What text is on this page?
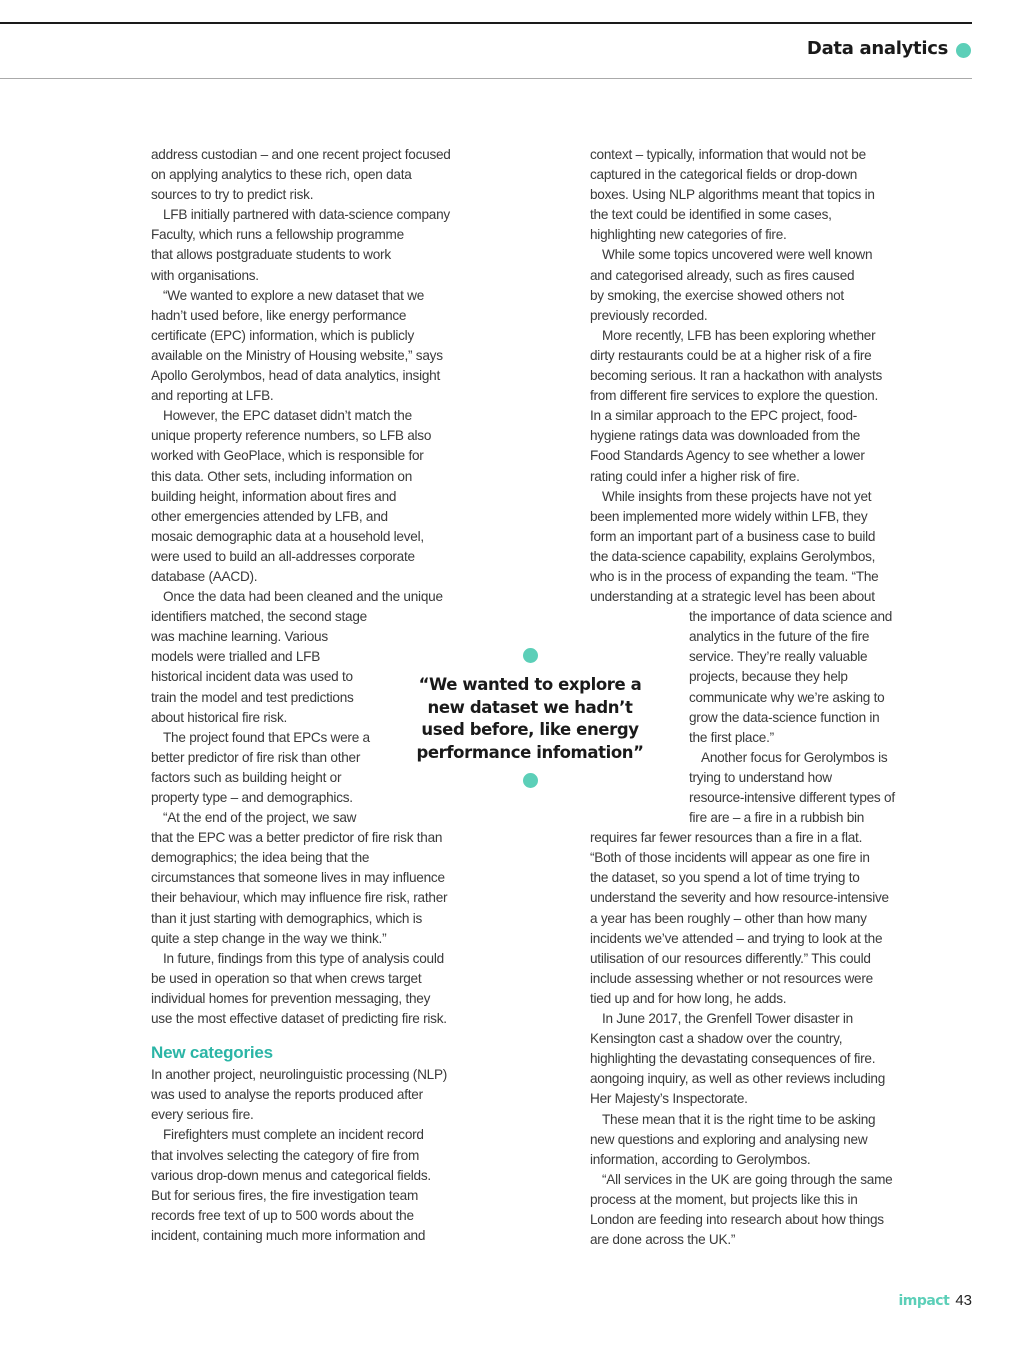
Data analytics
address custodian – and one recent project focused
on applying analytics to these rich, open data
sources to try to predict risk.
LFB initially partnered with data-science company
Faculty, which runs a fellowship programme
that allows postgraduate students to work
with organisations.
“We wanted to explore a new dataset that we
hadn’t used before, like energy performance
certificate (EPC) information, which is publicly
available on the Ministry of Housing website,” says
Apollo Gerolymbos, head of data analytics, insight
and reporting at LFB.
However, the EPC dataset didn’t match the
unique property reference numbers, so LFB also
worked with GeoPlace, which is responsible for
this data. Other sets, including information on
building height, information about fires and
other emergencies attended by LFB, and
mosaic demographic data at a household level,
were used to build an all-addresses corporate
database (AACD).
Once the data had been cleaned and the unique
identifiers matched, the second stage
was machine learning. Various
models were trialled and LFB
historical incident data was used to
train the model and test predictions
about historical fire risk.
The project found that EPCs were a
better predictor of fire risk than other
factors such as building height or
property type – and demographics.
“At the end of the project, we saw
that the EPC was a better predictor of fire risk than
demographics; the idea being that the
circumstances that someone lives in may influence
their behaviour, which may influence fire risk, rather
than it just starting with demographics, which is
quite a step change in the way we think.”
In future, findings from this type of analysis could
be used in operation so that when crews target
individual homes for prevention messaging, they
use the most effective dataset of predicting fire risk.
New categories
In another project, neurolinguistic processing (NLP)
was used to analyse the reports produced after
every serious fire.
Firefighters must complete an incident record
that involves selecting the category of fire from
various drop-down menus and categorical fields.
But for serious fires, the fire investigation team
records free text of up to 500 words about the
incident, containing much more information and
context – typically, information that would not be
captured in the categorical fields or drop-down
boxes. Using NLP algorithms meant that topics in
the text could be identified in some cases,
highlighting new categories of fire.
While some topics uncovered were well known
and categorised already, such as fires caused
by smoking, the exercise showed others not
previously recorded.
More recently, LFB has been exploring whether
dirty restaurants could be at a higher risk of a fire
becoming serious. It ran a hackathon with analysts
from different fire services to explore the question.
In a similar approach to the EPC project, food-
hygiene ratings data was downloaded from the
Food Standards Agency to see whether a lower
rating could infer a higher risk of fire.
While insights from these projects have not yet
been implemented more widely within LFB, they
form an important part of a business case to build
the data-science capability, explains Gerolymbos,
who is in the process of expanding the team. “The
understanding at a strategic level has been about
the importance of data science and
analytics in the future of the fire
service. They’re really valuable
projects, because they help
communicate why we’re asking to
grow the data-science function in
the first place.”
Another focus for Gerolymbos is
trying to understand how
resource-intensive different types of
fire are – a fire in a rubbish bin
requires far fewer resources than a fire in a flat.
“Both of those incidents will appear as one fire in
the dataset, so you spend a lot of time trying to
understand the severity and how resource-intensive
a year has been roughly – other than how many
incidents we’ve attended – and trying to look at the
utilisation of our resources differently.” This could
include assessing whether or not resources were
tied up and for how long, he adds.
In June 2017, the Grenfell Tower disaster in
Kensington cast a shadow over the country,
highlighting the devastating consequences of fire.
aongoing inquiry, as well as other reviews including
Her Majesty’s Inspectorate.
These mean that it is the right time to be asking
new questions and exploring and analysing new
information, according to Gerolymbos.
“All services in the UK are going through the same
process at the moment, but projects like this in
London are feeding into research about how things
are done across the UK.”
“We wanted to explore a
new dataset we hadn’t
used before, like energy
performance infomation”
impact 43
